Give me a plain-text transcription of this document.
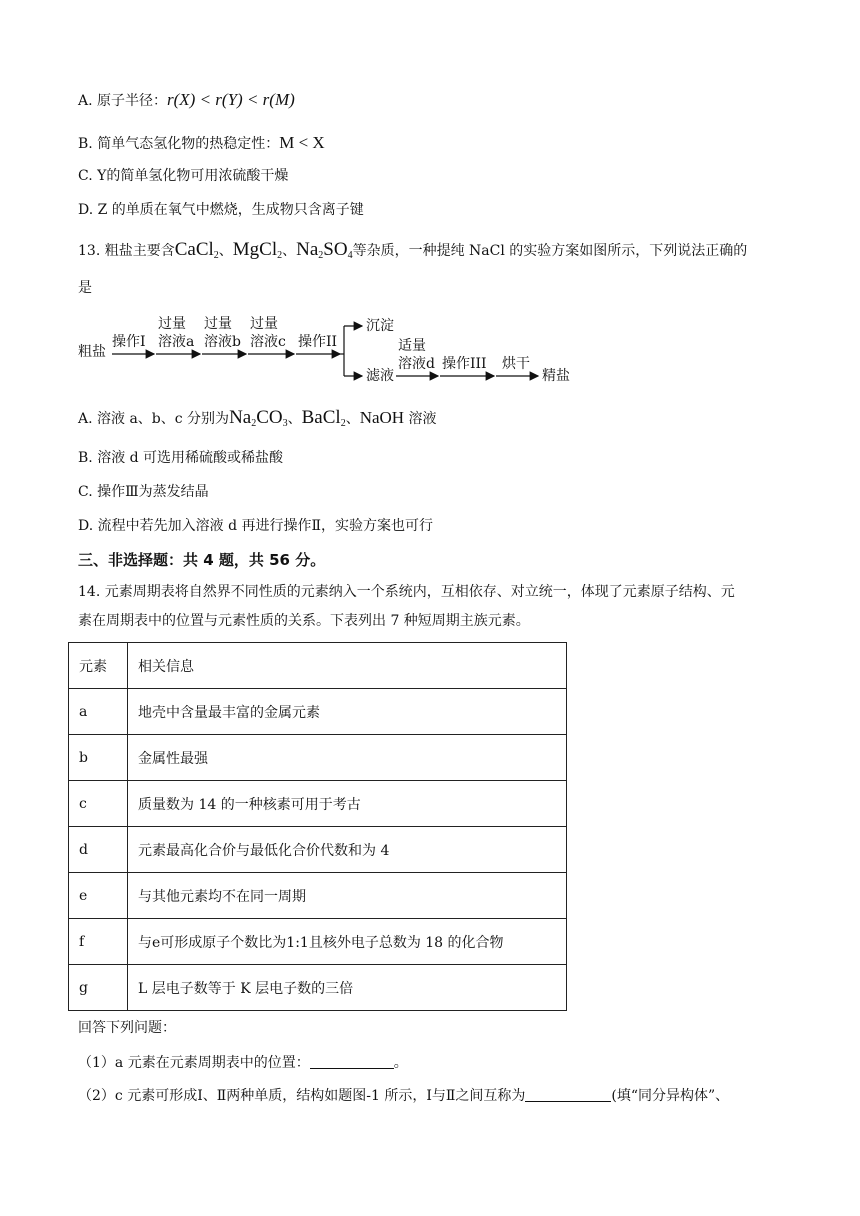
A. 原子半径：r(X) < r(Y) < r(M)
B. 简单气态氢化物的热稳定性：M < X
C. Y的简单氢化物可用浓硫酸干燥
D. Z 的单质在氧气中燃烧，生成物只含离子键
13. 粗盐主要含CaCl$_2$、MgCl$_2$、$Na_2SO_4$等杂质，一种提纯 NaCl 的实验方案如图所示，下列说法正确的
是
粗盐
操作I
过量
溶液a
过量
溶液b
过量
溶液c 操作II
沉淀
滤液
适量
溶液d 操作III 烘干
精盐
A. 溶液 a、b、c 分别为$Na_2CO_3$、BaCl$_2$、NaOH 溶液
B. 溶液 d 可选用稀硫酸或稀盐酸
C. 操作Ⅲ为蒸发结晶
D. 流程中若先加入溶液 d 再进行操作Ⅱ，实验方案也可行
三、非选择题：共 4 题，共 56 分。
14. 元素周期表将自然界不同性质的元素纳入一个系统内，互相依存、对立统一，体现了元素原子结构、元
素在周期表中的位置与元素性质的关系。下表列出 7 种短周期主族元素。
元素	相关信息
a	地壳中含量最丰富的金属元素
b	金属性最强
c	质量数为 14 的一种核素可用于考古
d	元素最高化合价与最低化合价代数和为 4
e	与其他元素均不在同一周期
f	与e可形成原子个数比为1:1且核外电子总数为 18 的化合物
g	L 层电子数等于 K 层电子数的三倍
回答下列问题：
（1）a 元素在元素周期表中的位置：	。
（2）c 元素可形成Ⅰ、Ⅱ两种单质，结构如题图-1 所示，Ⅰ与Ⅱ之间互称为	(填“同分异构体”、
